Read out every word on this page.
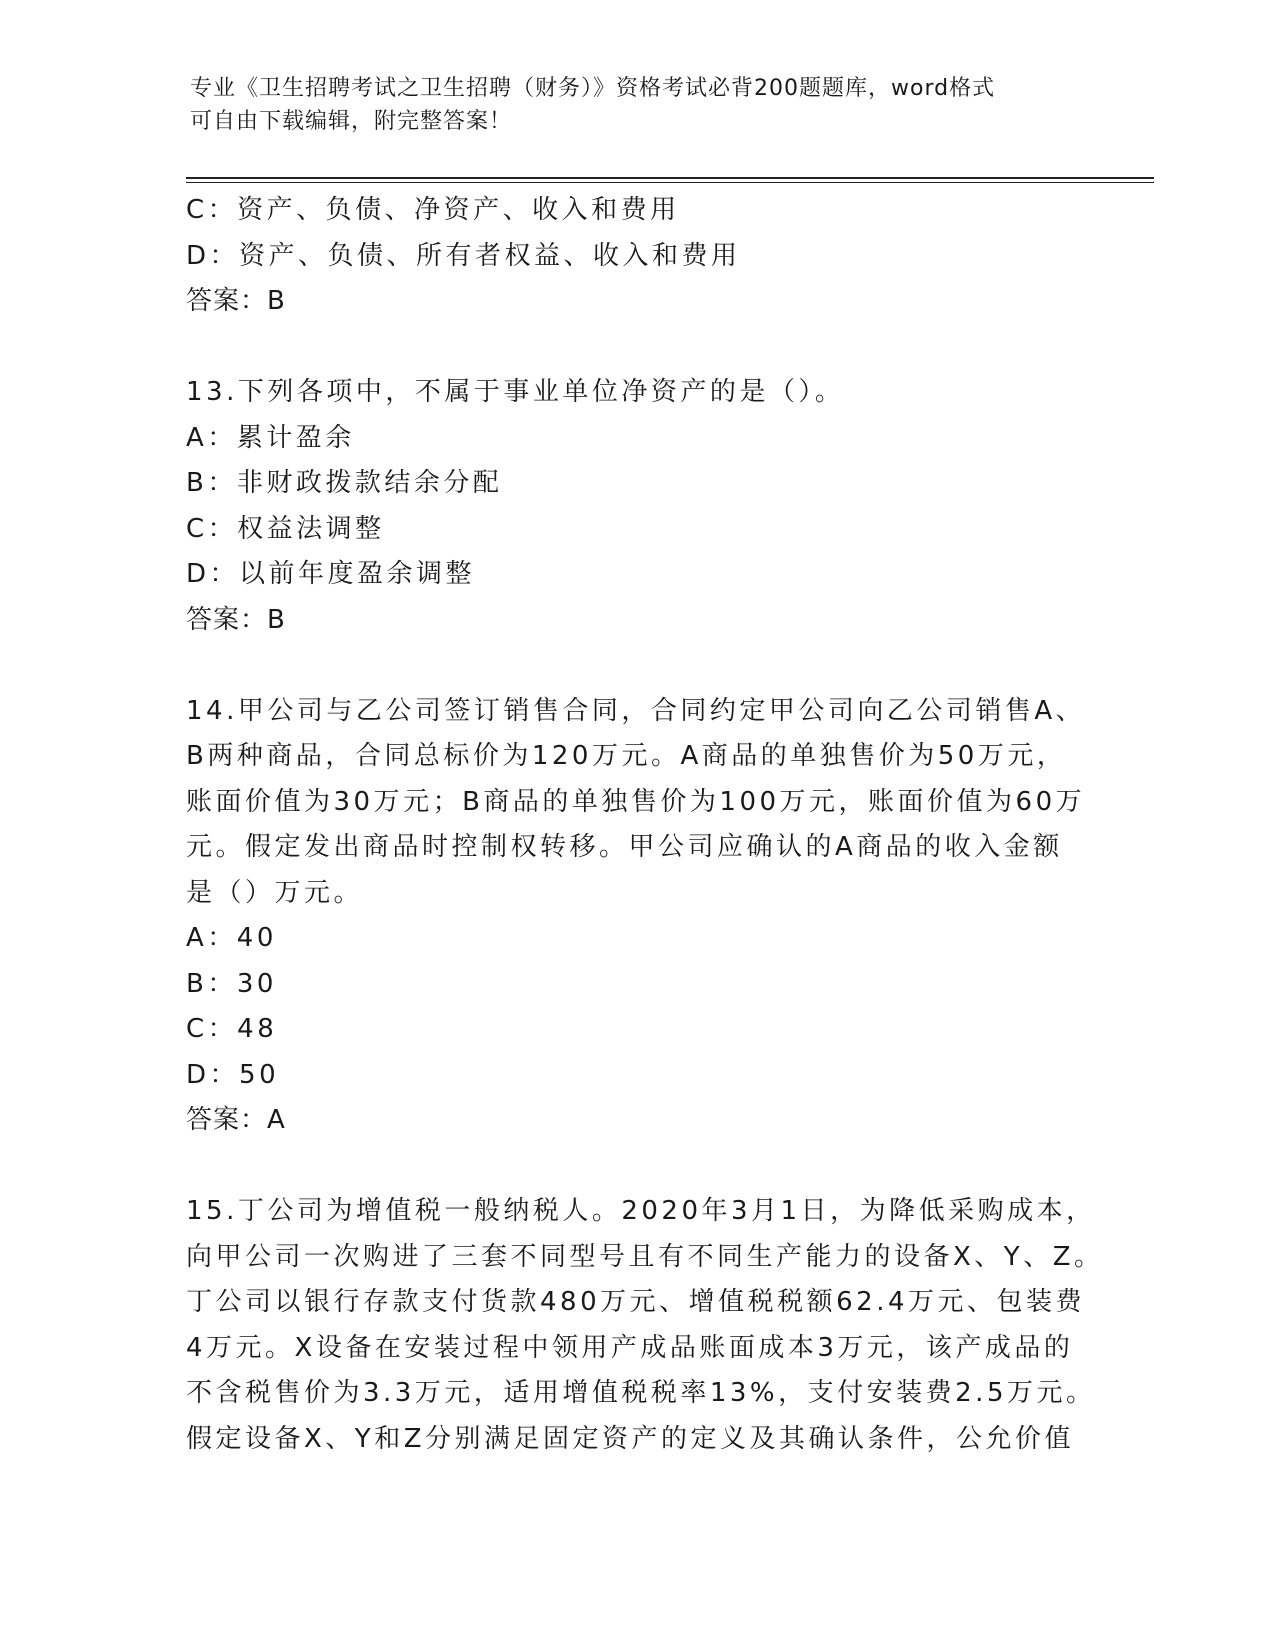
专业《卫生招聘考试之卫生招聘（财务）》资格考试必背200题题库，word格式
可自由下载编辑，附完整答案！
C：资产、负债、净资产、收入和费用
D：资产、负债、所有者权益、收入和费用
答案：B
13.下列各项中，不属于事业单位净资产的是（）。
A：累计盈余
B：非财政拨款结余分配
C：权益法调整
D：以前年度盈余调整
答案：B
14.甲公司与乙公司签订销售合同，合同约定甲公司向乙公司销售A、
B两种商品，合同总标价为120万元。A商品的单独售价为50万元，
账面价值为30万元；B商品的单独售价为100万元，账面价值为60万
元。假定发出商品时控制权转移。甲公司应确认的A商品的收入金额
是（）万元。
A：40
B：30
C：48
D：50
答案：A
15.丁公司为增值税一般纳税人。2020年3月1日，为降低采购成本，
向甲公司一次购进了三套不同型号且有不同生产能力的设备X、Y、Z。
丁公司以银行存款支付货款480万元、增值税税额62.4万元、包装费
4万元。X设备在安装过程中领用产成品账面成本3万元，该产成品的
不含税售价为3.3万元，适用增值税税率13%，支付安装费2.5万元。
假定设备X、Y和Z分别满足固定资产的定义及其确认条件，公允价值
